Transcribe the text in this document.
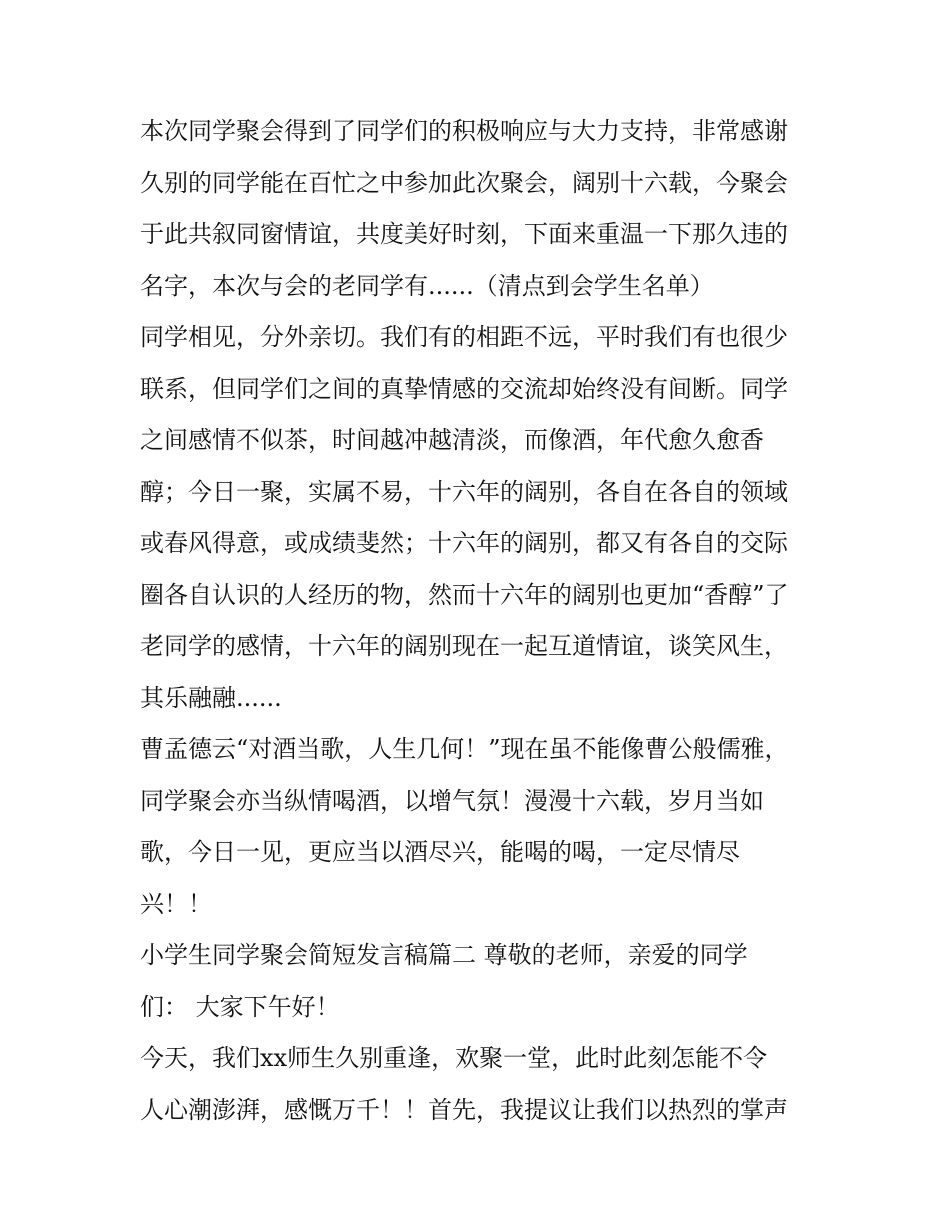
本次同学聚会得到了同学们的积极响应与大力支持，非常感谢
久别的同学能在百忙之中参加此次聚会，阔别十六载，今聚会
于此共叙同窗情谊，共度美好时刻，下面来重温一下那久违的
名字，本次与会的老同学有......（清点到会学生名单）
同学相见，分外亲切。我们有的相距不远，平时我们有也很少
联系，但同学们之间的真挚情感的交流却始终没有间断。同学
之间感情不似茶，时间越冲越清淡，而像酒，年代愈久愈香
醇；今日一聚，实属不易，十六年的阔别，各自在各自的领域
或春风得意，或成绩斐然；十六年的阔别，都又有各自的交际
圈各自认识的人经历的物，然而十六年的阔别也更加“香醇”了
老同学的感情，十六年的阔别现在一起互道情谊，谈笑风生，
其乐融融......
曹孟德云“对酒当歌，人生几何！”现在虽不能像曹公般儒雅，
同学聚会亦当纵情喝酒，以增气氛！漫漫十六载，岁月当如
歌，今日一见，更应当以酒尽兴，能喝的喝，一定尽情尽
兴！！
小学生同学聚会简短发言稿篇二 尊敬的老师，亲爱的同学
们： 大家下午好！
今天，我们xx师生久别重逢，欢聚一堂，此时此刻怎能不令
人心潮澎湃，感慨万千！！首先，我提议让我们以热烈的掌声
